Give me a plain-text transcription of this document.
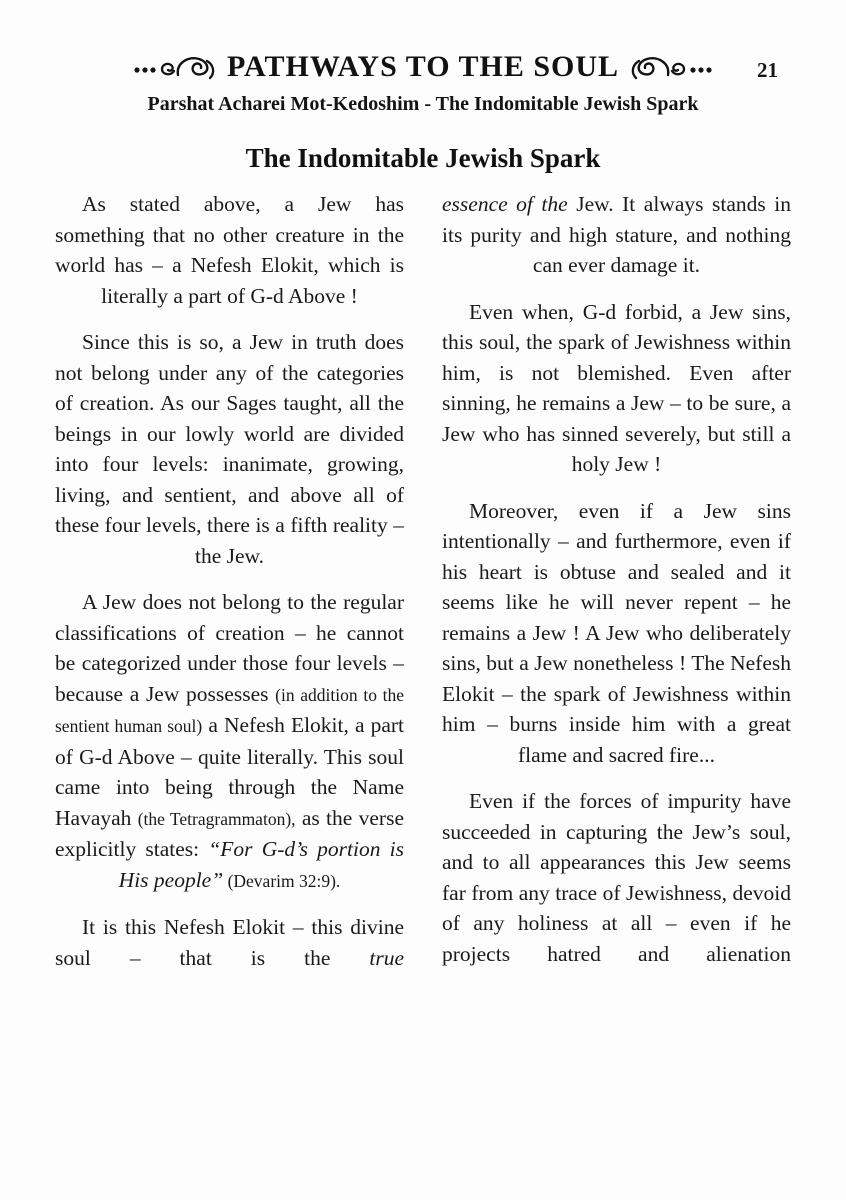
PATHWAYS TO THE SOUL	21
Parshat Acharei Mot-Kedoshim - The Indomitable Jewish Spark
The Indomitable Jewish Spark

As stated above, a Jew has something that no other creature in the world has – a Nefesh Elokit, which is literally a part of G-d Above !

Since this is so, a Jew in truth does not belong under any of the categories of creation. As our Sages taught, all the beings in our lowly world are divided into four levels: inanimate, growing, living, and sentient, and above all of these four levels, there is a fifth reality – the Jew.

A Jew does not belong to the regular classifications of creation – he cannot be categorized under those four levels – because a Jew possesses (in addition to the sentient human soul) a Nefesh Elokit, a part of G-d Above – quite literally. This soul came into being through the Name Havayah (the Tetragrammaton), as the verse explicitly states: “For G-d’s portion is His people” (Devarim 32:9).

It is this Nefesh Elokit – this divine soul – that is the true

essence of the Jew. It always stands in its purity and high stature, and nothing can ever damage it.

Even when, G-d forbid, a Jew sins, this soul, the spark of Jewishness within him, is not blemished. Even after sinning, he remains a Jew – to be sure, a Jew who has sinned severely, but still a holy Jew !

Moreover, even if a Jew sins intentionally – and furthermore, even if his heart is obtuse and sealed and it seems like he will never repent – he remains a Jew ! A Jew who deliberately sins, but a Jew nonetheless ! The Nefesh Elokit – the spark of Jewishness within him – burns inside him with a great flame and sacred fire...

Even if the forces of impurity have succeeded in capturing the Jew’s soul, and to all appearances this Jew seems far from any trace of Jewishness, devoid of any holiness at all – even if he projects hatred and alienation
